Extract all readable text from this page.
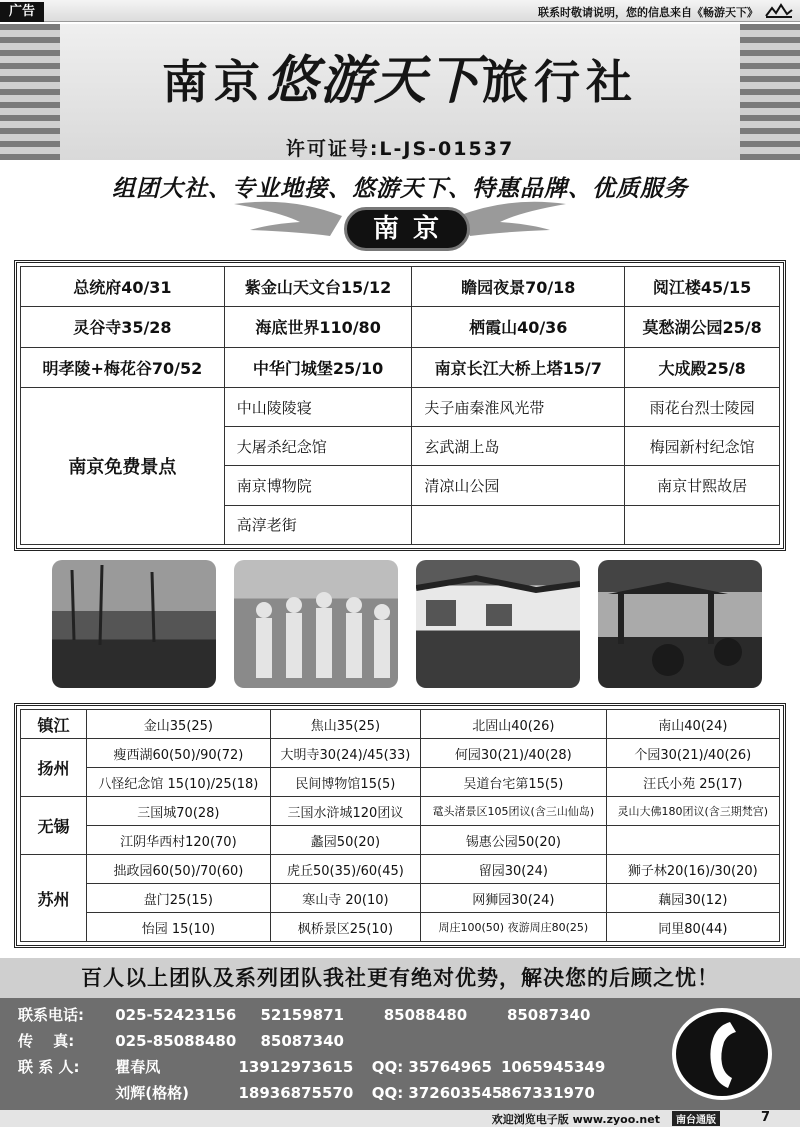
广告	联系时敬请说明，您的信息来自《畅游天下》
南京悠游天下旅行社
许可证号:L-JS-01537
组团大社、专业地接、悠游天下、特惠品牌、优质服务
南京
总统府40/31	紫金山天文台15/12	瞻园夜景70/18	阅江楼45/15
灵谷寺35/28	海底世界110/80	栖霞山40/36	莫愁湖公园25/8
明孝陵+梅花谷70/52	中华门城堡25/10	南京长江大桥上塔15/7	大成殿25/8
南京免费景点	中山陵陵寝	夫子庙秦淮风光带	雨花台烈士陵园
	大屠杀纪念馆	玄武湖上岛	梅园新村纪念馆
	南京博物院	清凉山公园	南京甘熙故居
	高淳老街		
镇江	金山35(25)	焦山35(25)	北固山40(26)	南山40(24)
扬州	瘦西湖60(50)/90(72)	大明寺30(24)/45(33)	何园30(21)/40(28)	个园30(21)/40(26)
	八怪纪念馆 15(10)/25(18)	民间博物馆15(5)	吴道台宅第15(5)	汪氏小苑 25(17)
无锡	三国城70(28)	三国水浒城120团议	鼋头渚景区105团议(含三山仙岛)	灵山大佛180团议(含三期梵宫)
	江阴华西村120(70)	蠡园50(20)	锡惠公园50(20)	
苏州	拙政园60(50)/70(60)	虎丘50(35)/60(45)	留园30(24)	狮子林20(16)/30(20)
	盘门25(15)	寒山寺 20(10)	网狮园30(24)	藕园30(12)
	怡园 15(10)	枫桥景区25(10)	周庄100(50) 夜游周庄80(25)	同里80(44)
百人以上团队及系列团队我社更有绝对优势，解决您的后顾之忧！
联系电话: 025-52423156 52159871	85088480	85087340
传　 真:	025-85088480 85087340
联 系 人: 瞿春凤	13912973615 QQ: 35764965 1065945349
刘辉(格格)	18936875570 QQ: 372603545 867331970
欢迎浏览电子版 www.zyoo.net	南台通版	7
